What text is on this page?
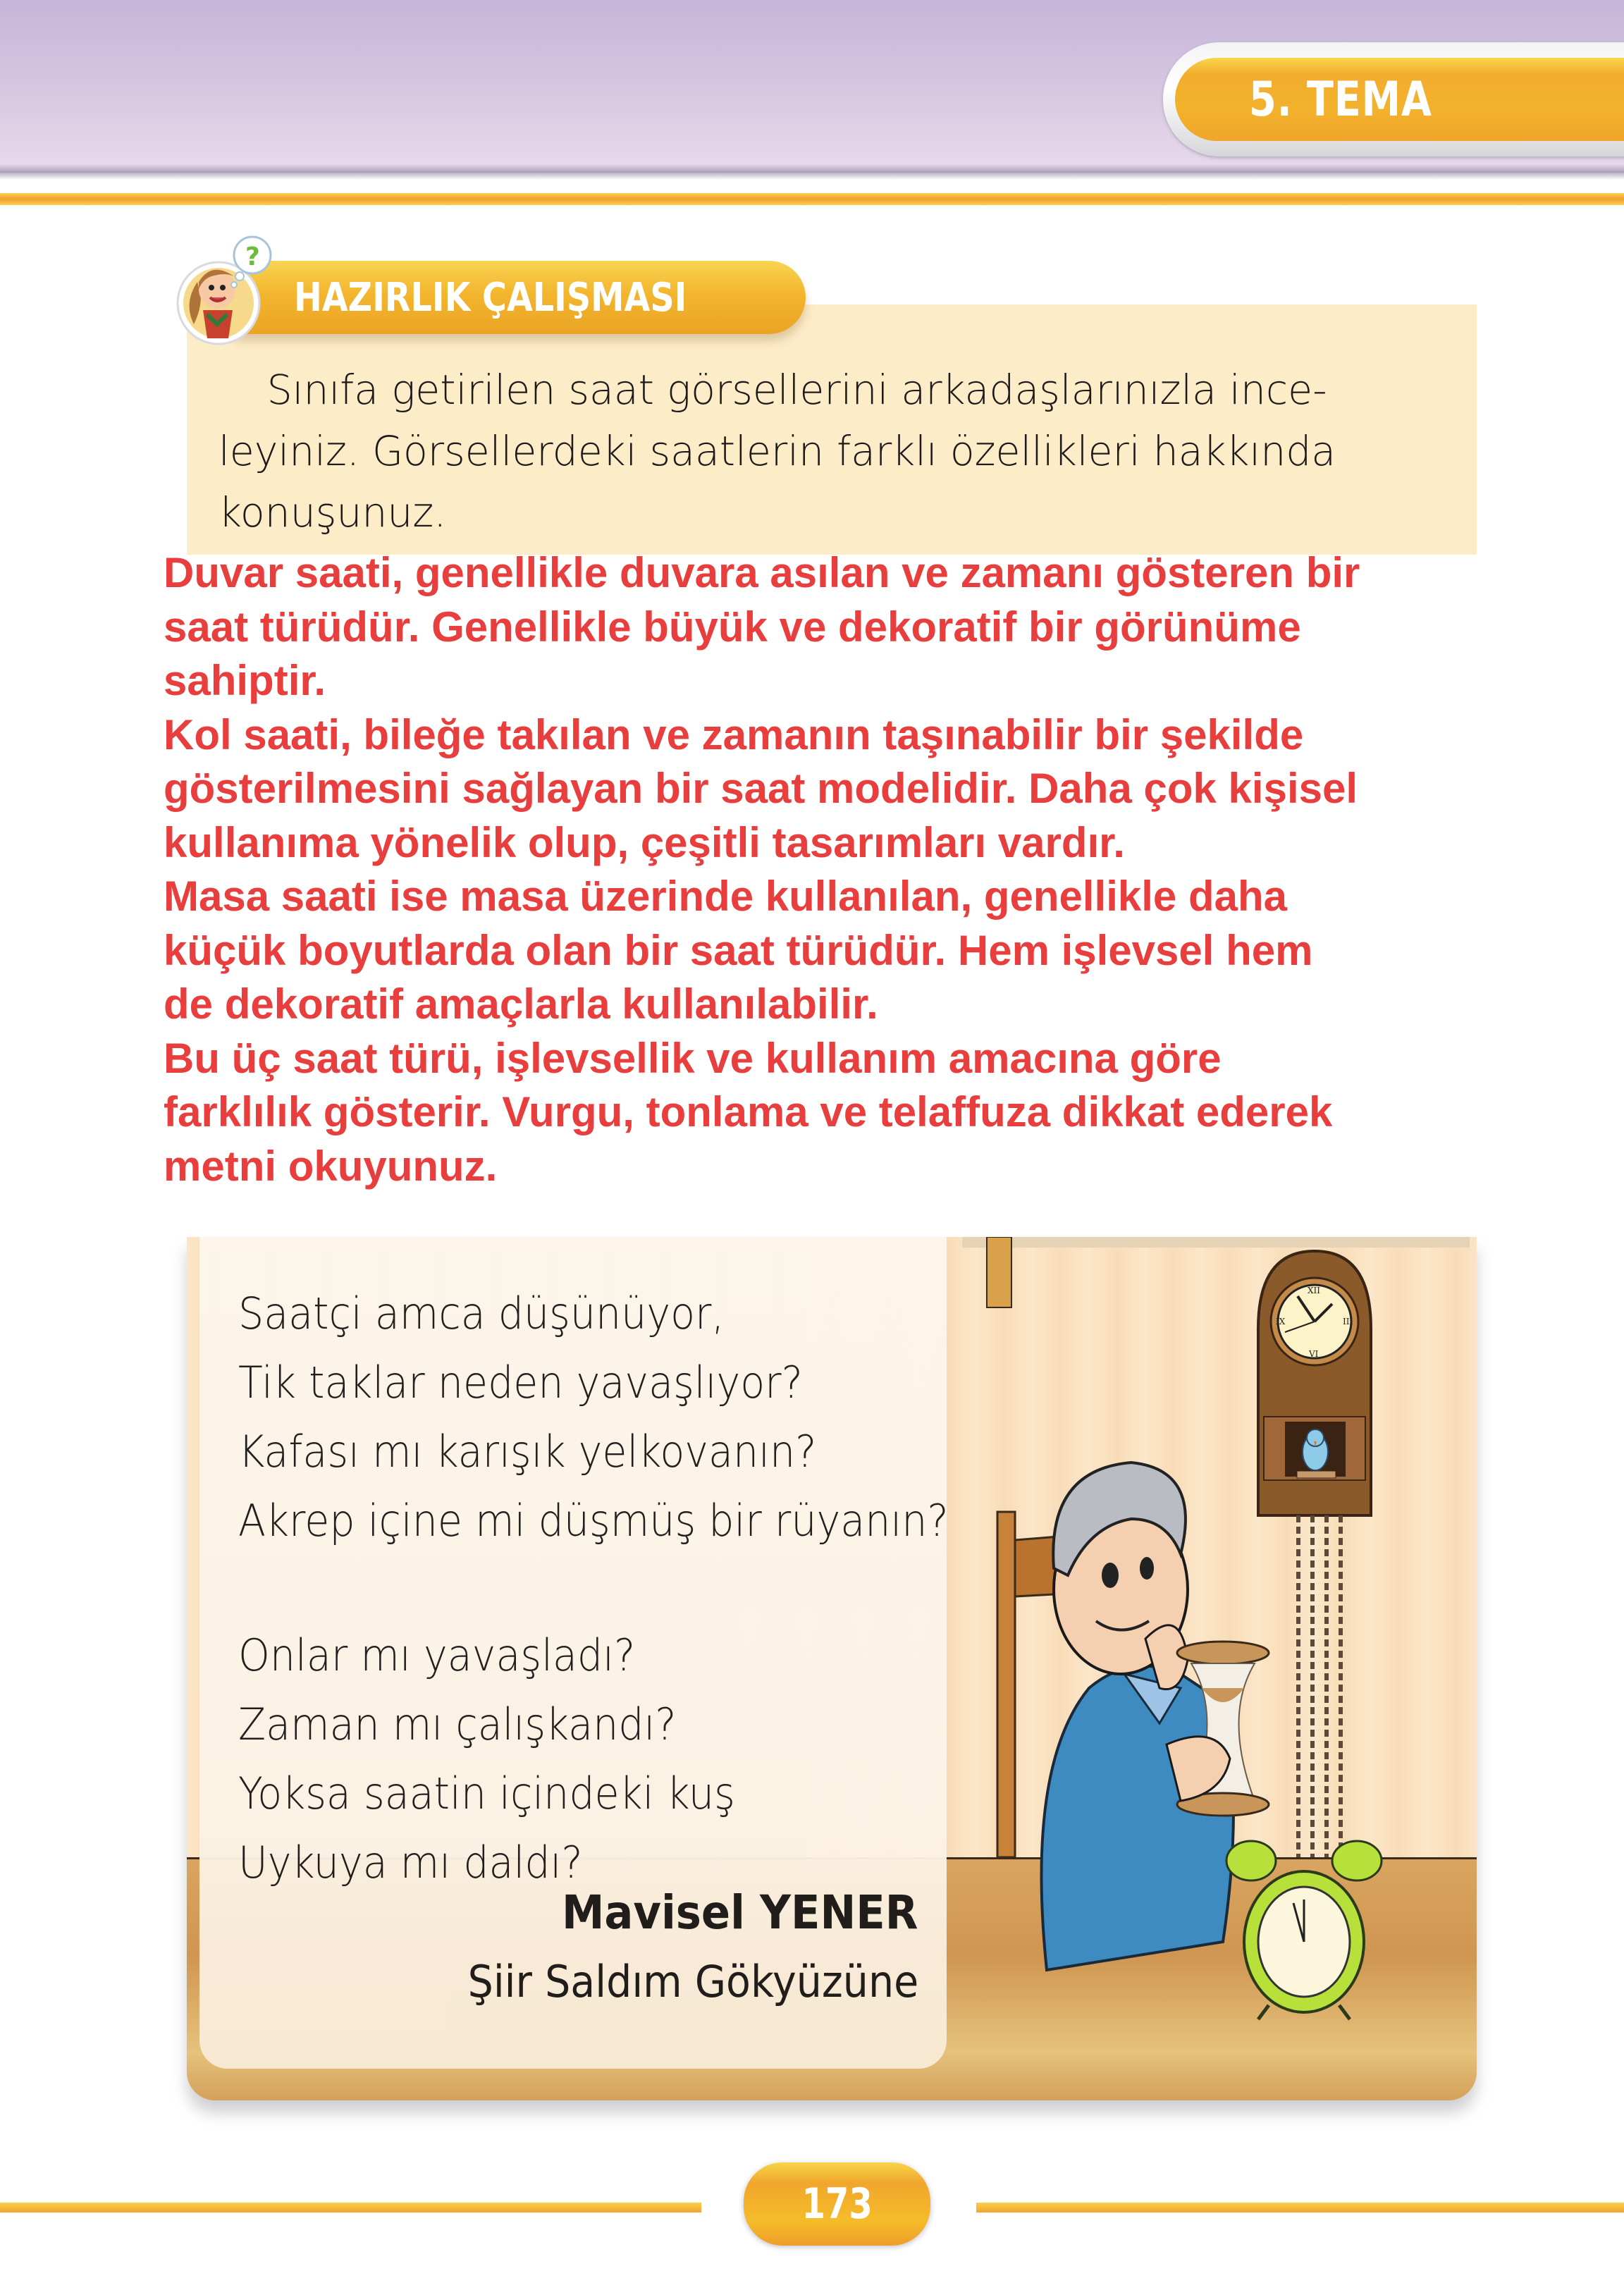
5. TEMA
HAZIRLIK ÇALIŞMASI
?
Sınıfa getirilen saat görsellerini arkadaşlarınızla ince-
leyiniz. Görsellerdeki saatlerin farklı özellikleri hakkında
konuşunuz.
Duvar saati, genellikle duvara asılan ve zamanı gösteren bir
saat türüdür. Genellikle büyük ve dekoratif bir görünüme
sahiptir.
Kol saati, bileğe takılan ve zamanın taşınabilir bir şekilde
gösterilmesini sağlayan bir saat modelidir. Daha çok kişisel
kullanıma yönelik olup, çeşitli tasarımları vardır.
Masa saati ise masa üzerinde kullanılan, genellikle daha
küçük boyutlarda olan bir saat türüdür. Hem işlevsel hem
de dekoratif amaçlarla kullanılabilir.
Bu üç saat türü, işlevsellik ve kullanım amacına göre
farklılık gösterir. Vurgu, tonlama ve telaffuza dikkat ederek
metni okuyunuz.
XII
III
VI
IX
Saatçi amca düşünüyor,
Tik taklar neden yavaşlıyor?
Kafası mı karışık yelkovanın?
Akrep içine mi düşmüş bir rüyanın?
Onlar mı yavaşladı?
Zaman mı çalışkandı?
Yoksa saatin içindeki kuş
Uykuya mı daldı?
Mavisel YENER
Şiir Saldım Gökyüzüne
173
